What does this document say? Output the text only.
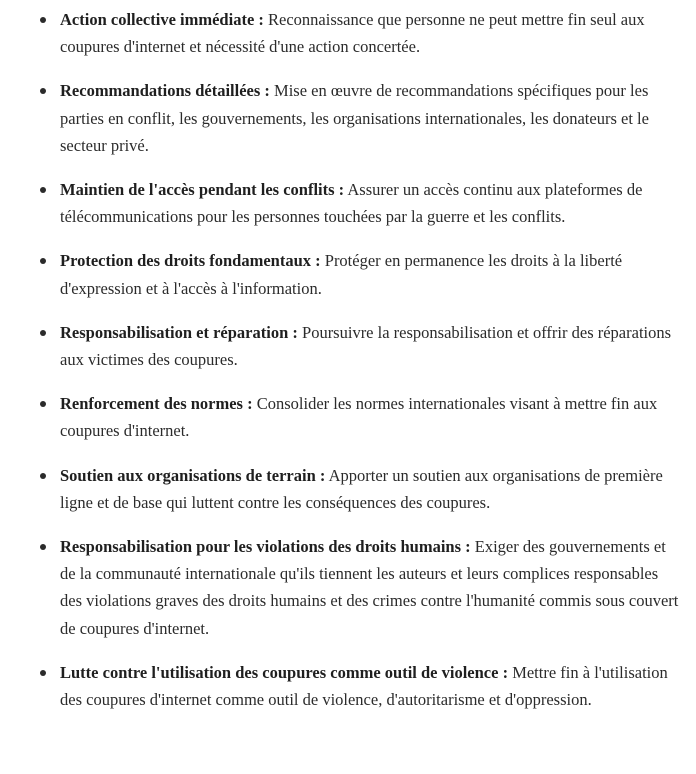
Action collective immédiate : Reconnaissance que personne ne peut mettre fin seul aux coupures d'internet et nécessité d'une action concertée.
Recommandations détaillées : Mise en œuvre de recommandations spécifiques pour les parties en conflit, les gouvernements, les organisations internationales, les donateurs et le secteur privé.
Maintien de l'accès pendant les conflits : Assurer un accès continu aux plateformes de télécommunications pour les personnes touchées par la guerre et les conflits.
Protection des droits fondamentaux : Protéger en permanence les droits à la liberté d'expression et à l'accès à l'information.
Responsabilisation et réparation : Poursuivre la responsabilisation et offrir des réparations aux victimes des coupures.
Renforcement des normes : Consolider les normes internationales visant à mettre fin aux coupures d'internet.
Soutien aux organisations de terrain : Apporter un soutien aux organisations de première ligne et de base qui luttent contre les conséquences des coupures.
Responsabilisation pour les violations des droits humains : Exiger des gouvernements et de la communauté internationale qu'ils tiennent les auteurs et leurs complices responsables des violations graves des droits humains et des crimes contre l'humanité commis sous couvert de coupures d'internet.
Lutte contre l'utilisation des coupures comme outil de violence : Mettre fin à l'utilisation des coupures d'internet comme outil de violence, d'autoritarisme et d'oppression.
